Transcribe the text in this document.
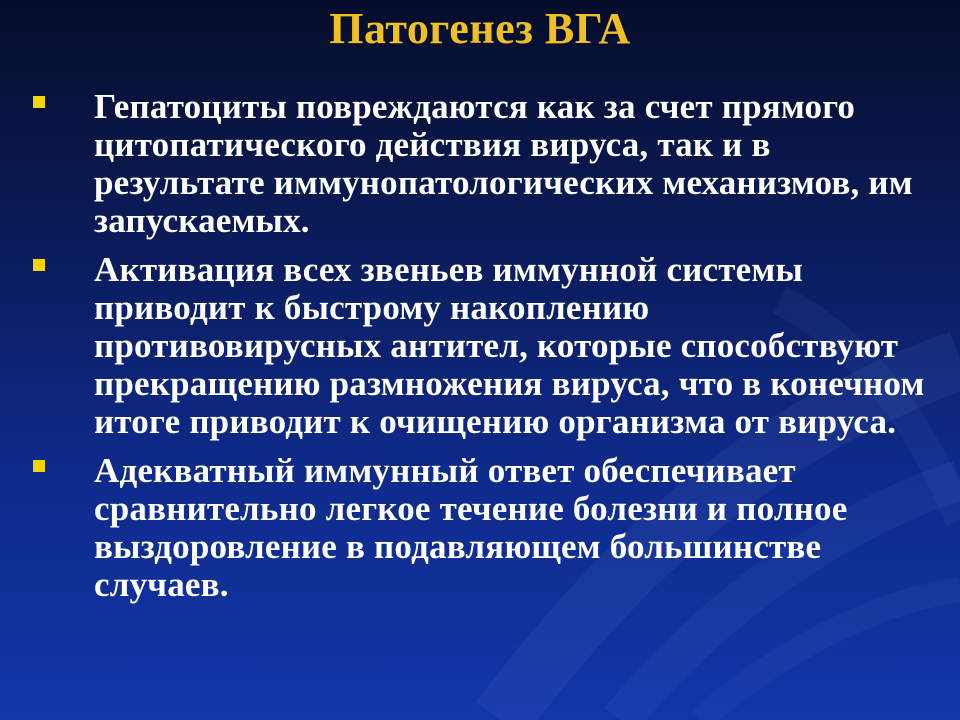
Патогенез ВГА
Гепатоциты повреждаются как за счет прямого цитопатического действия вируса, так и в результате иммунопатологических механизмов, им запускаемых.
Активация всех звеньев иммунной системы приводит к быстрому накоплению противовирусных антител, которые способствуют прекращению размножения вируса, что в конечном итоге приводит к очищению организма от вируса.
Адекватный иммунный ответ обеспечивает сравнительно легкое течение болезни и полное выздоровление в подавляющем большинстве случаев.
